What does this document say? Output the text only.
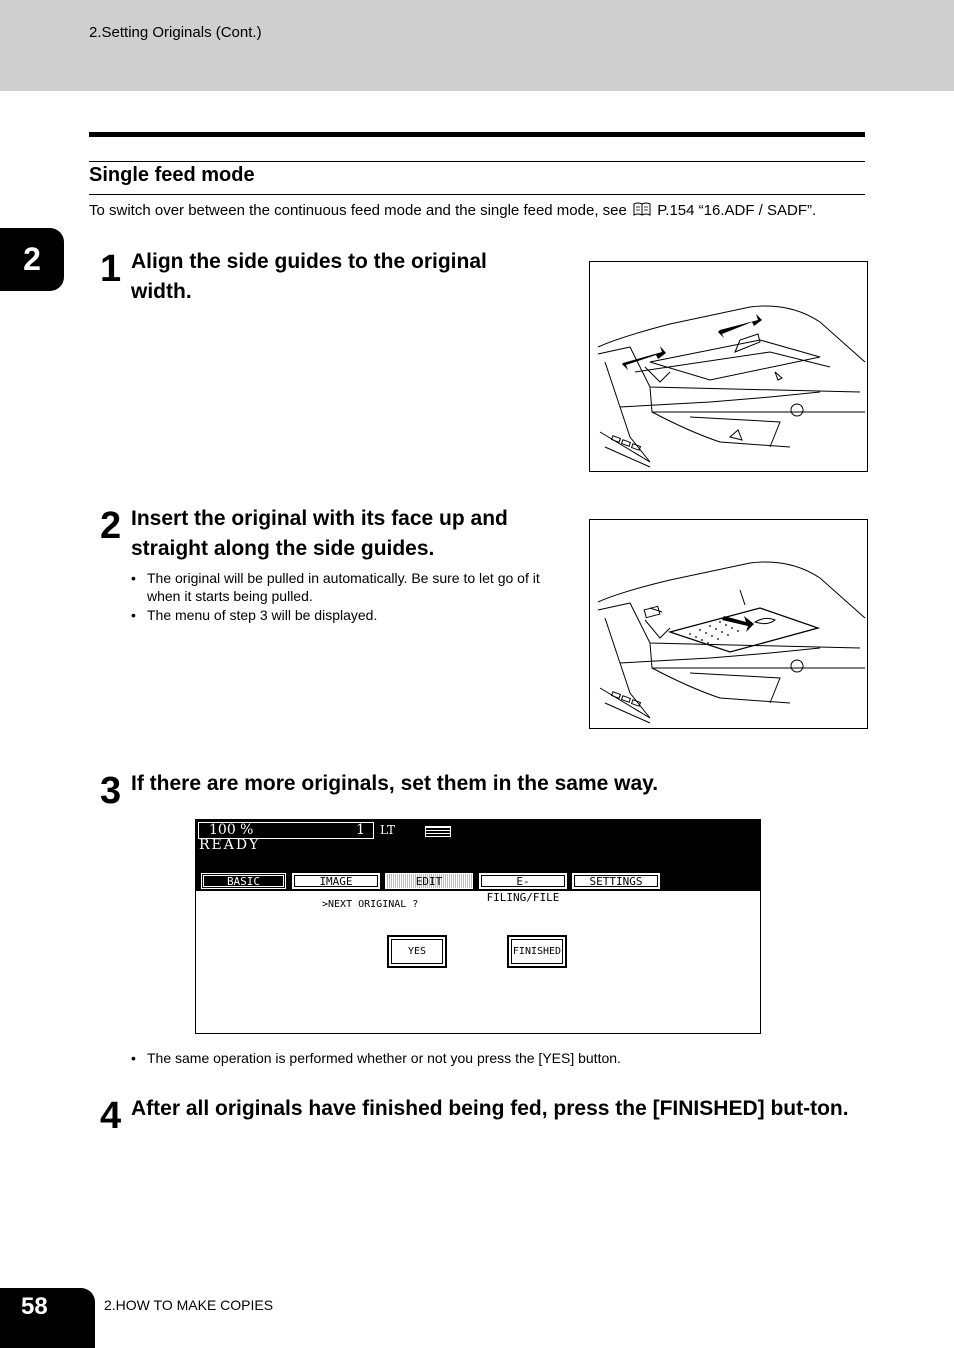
2.Setting Originals (Cont.)
2
Single feed mode
To switch over between the continuous feed mode and the single feed mode, see P.154 “16.ADF / SADF”.
1 Align the side guides to the original width.
2 Insert the original with its face up and straight along the side guides.
• The original will be pulled in automatically. Be sure to let go of it when it starts being pulled.
• The menu of step 3 will be displayed.
3 If there are more originals, set them in the same way.
100 %	1 LT
READY
BASIC	IMAGE	EDIT	E-FILING/FILE
SETTINGS
>NEXT ORIGINAL ?
YES	FINISHED
• The same operation is performed whether or not you press the [YES] button.
4 After all originals have finished being fed, press the [FINISHED] but-ton.
58	2.HOW TO MAKE COPIES
